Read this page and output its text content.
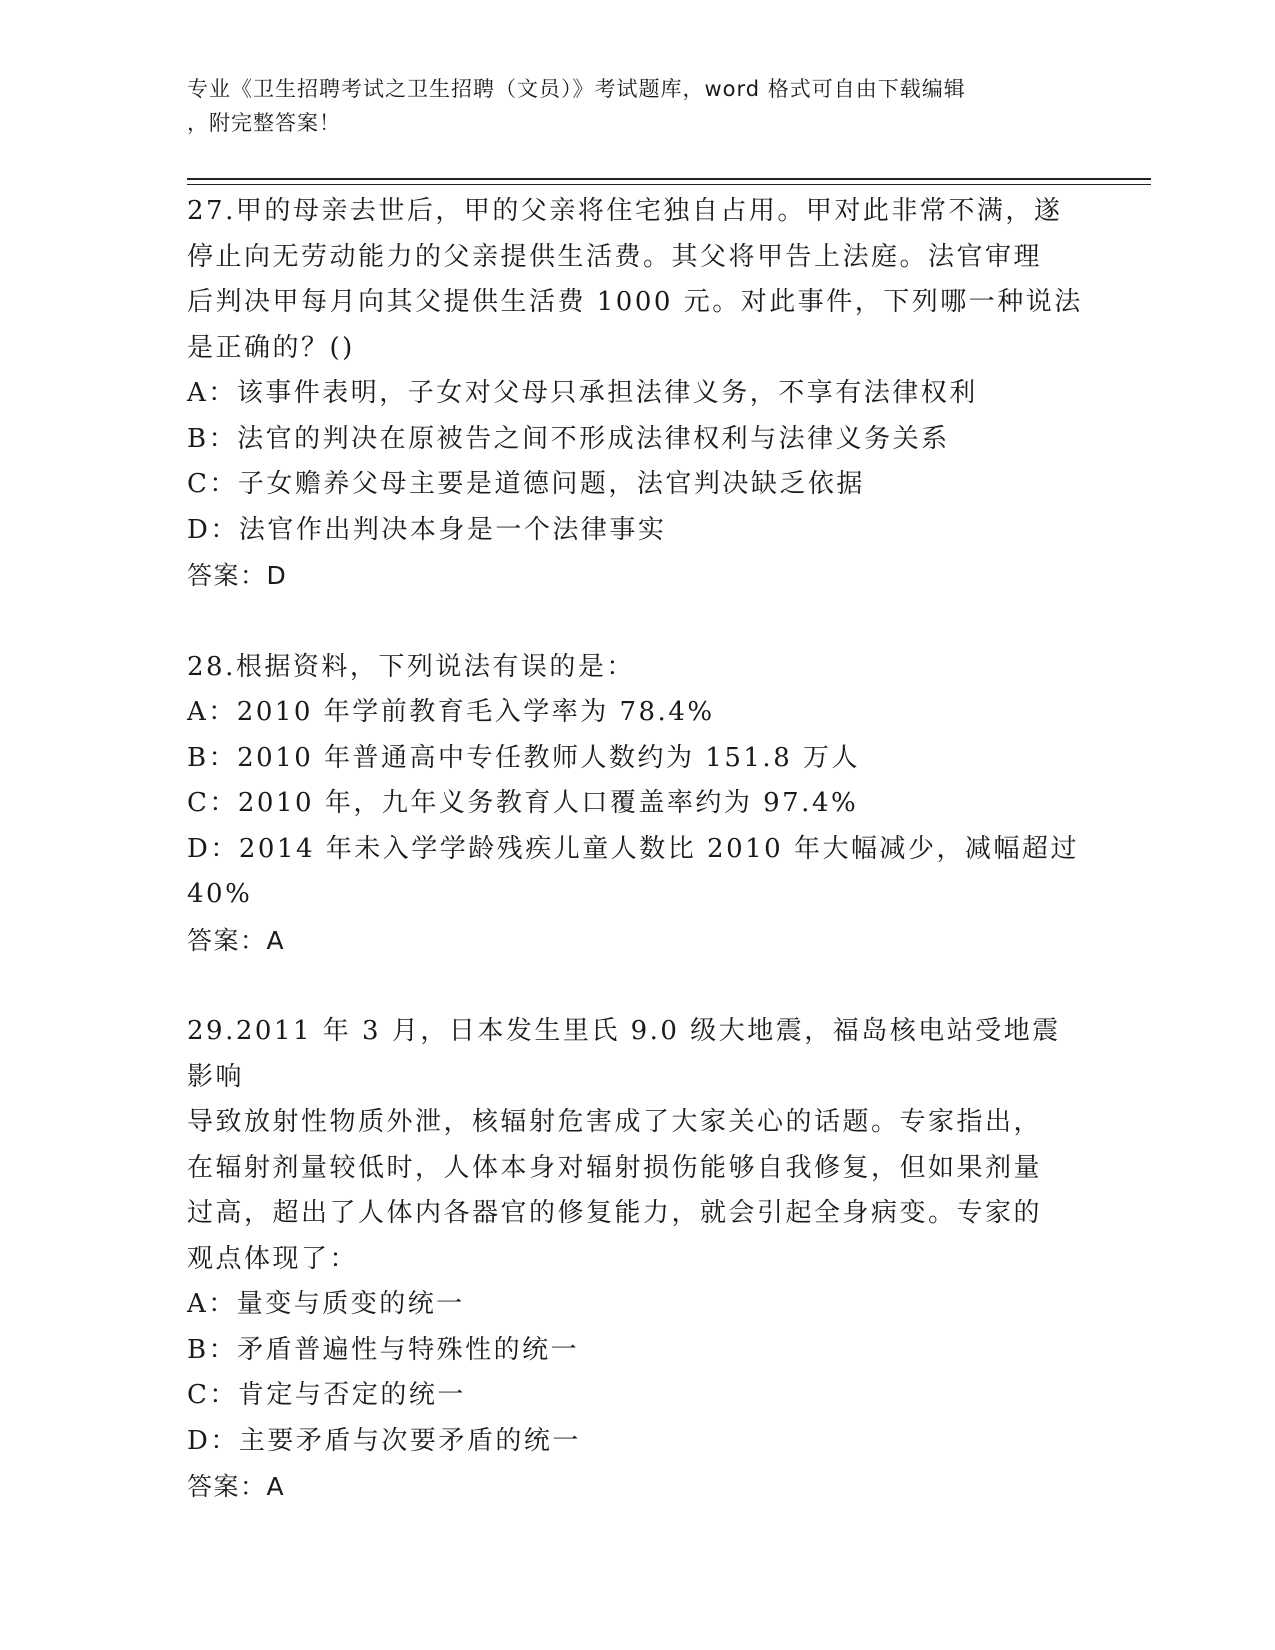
专业《卫生招聘考试之卫生招聘（文员）》考试题库，word 格式可自由下载编辑
，附完整答案！
27.甲的母亲去世后，甲的父亲将住宅独自占用。甲对此非常不满，遂
停止向无劳动能力的父亲提供生活费。其父将甲告上法庭。法官审理
后判决甲每月向其父提供生活费 1000 元。对此事件，下列哪一种说法
是正确的？()
A：该事件表明，子女对父母只承担法律义务，不享有法律权利
B：法官的判决在原被告之间不形成法律权利与法律义务关系
C：子女赡养父母主要是道德问题，法官判决缺乏依据
D：法官作出判决本身是一个法律事实
答案：D
28.根据资料，下列说法有误的是：
A：2010 年学前教育毛入学率为 78.4%
B：2010 年普通高中专任教师人数约为 151.8 万人
C：2010 年，九年义务教育人口覆盖率约为 97.4%
D：2014 年未入学学龄残疾儿童人数比 2010 年大幅减少，减幅超过
40%
答案：A
29.2011 年 3 月，日本发生里氏 9.0 级大地震，福岛核电站受地震影响
导致放射性物质外泄，核辐射危害成了大家关心的话题。专家指出，
在辐射剂量较低时，人体本身对辐射损伤能够自我修复，但如果剂量
过高，超出了人体内各器官的修复能力，就会引起全身病变。专家的
观点体现了：
A：量变与质变的统一
B：矛盾普遍性与特殊性的统一
C：肯定与否定的统一
D：主要矛盾与次要矛盾的统一
答案：A
